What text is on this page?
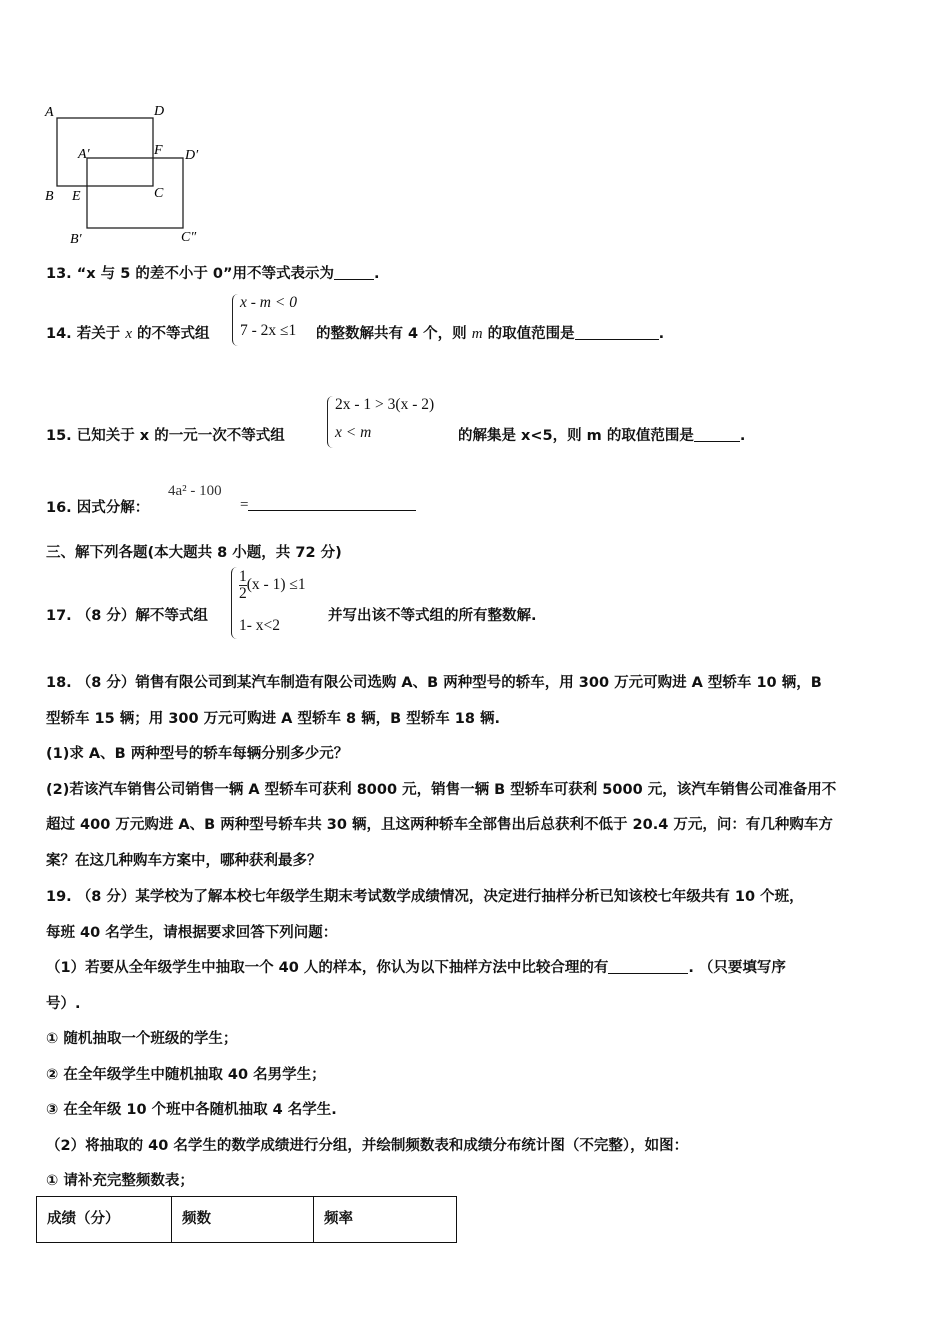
A	D
A′	F D′
B E	C
B′	C″
13. “x 与 5 的差不小于 0”用不等式表示为	.
14. 若关于 x 的不等式组
x - m < 0
7 - 2x ≤1 的整数解共有 4 个，则 m 的取值范围是	.
15. 已知关于 x 的一元一次不等式组
2x - 1 > 3(x - 2)
x < m	的解集是 x<5，则 m 的取值范围是	.
16. 因式分解：
4a² - 100
=
三、解下列各题(本大题共 8 小题，共 72 分)
17. （8 分）解不等式组
$\frac{1}{2} (x - 1) \le 1$
1- x<2
并写出该不等式组的所有整数解.
18. （8 分）销售有限公司到某汽车制造有限公司选购 A、B 两种型号的轿车，用 300 万元可购进 A 型轿车 10 辆，B
型轿车 15 辆；用 300 万元可购进 A 型轿车 8 辆，B 型轿车 18 辆.
(1)求 A、B 两种型号的轿车每辆分别多少元？
(2)若该汽车销售公司销售一辆 A 型轿车可获利 8000 元，销售一辆 B 型轿车可获利 5000 元，该汽车销售公司准备用不
超过 400 万元购进 A、B 两种型号轿车共 30 辆，且这两种轿车全部售出后总获利不低于 20.4 万元，问：有几种购车方
案？在这几种购车方案中，哪种获利最多？
19. （8 分）某学校为了解本校七年级学生期末考试数学成绩情况，决定进行抽样分析已知该校七年级共有 10 个班，
每班 40 名学生，请根据要求回答下列问题：
（1）若要从全年级学生中抽取一个 40 人的样本，你认为以下抽样方法中比较合理的有	. （只要填写序
号）.
① 随机抽取一个班级的学生；
② 在全年级学生中随机抽取 40 名男学生；
③ 在全年级 10 个班中各随机抽取 4 名学生.
（2）将抽取的 40 名学生的数学成绩进行分组，并绘制频数表和成绩分布统计图（不完整），如图：
① 请补充完整频数表；
成绩（分）	频数	频率
